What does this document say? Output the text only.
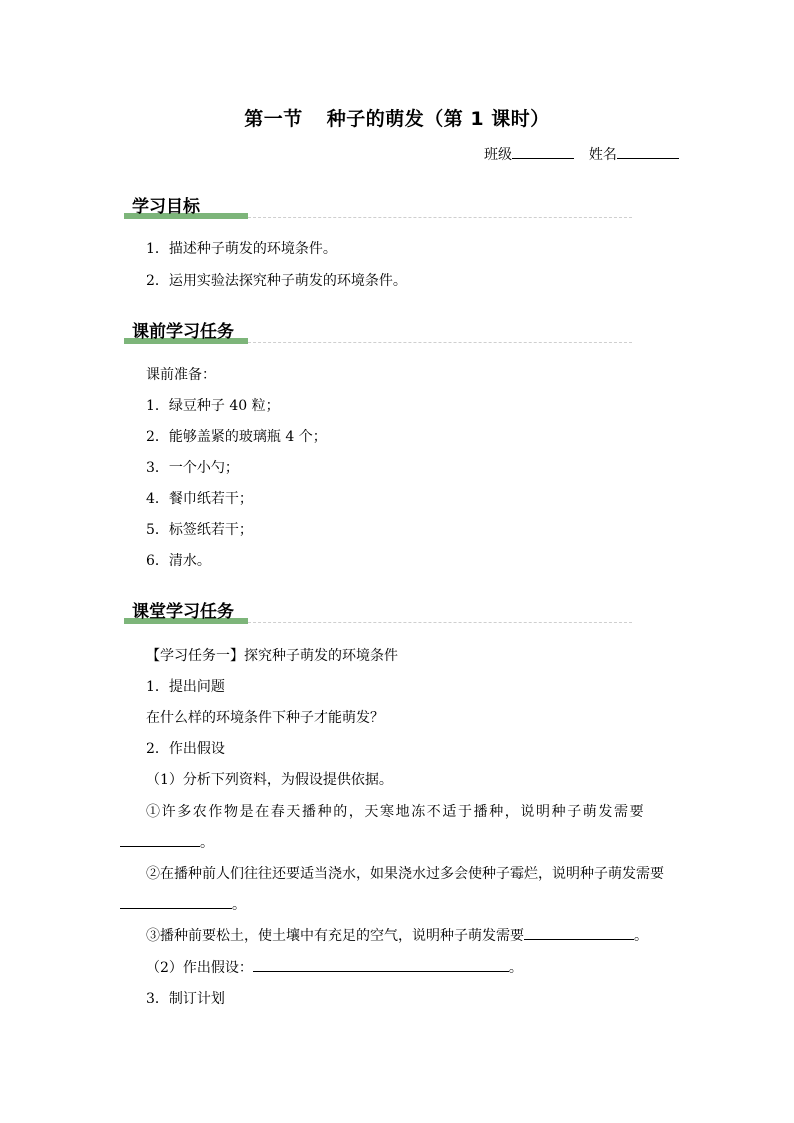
第一节 种子的萌发（第 1 课时）
班级	姓名
学习目标
1．描述种子萌发的环境条件。
2．运用实验法探究种子萌发的环境条件。
课前学习任务
课前准备：
1．绿豆种子 40 粒；
2．能够盖紧的玻璃瓶 4 个；
3．一个小勺；
4．餐巾纸若干；
5．标签纸若干；
6．清水。
课堂学习任务
【学习任务一】探究种子萌发的环境条件
1．提出问题
在什么样的环境条件下种子才能萌发？
2．作出假设
（1）分析下列资料，为假设提供依据。
①许多农作物是在春天播种的，天寒地冻不适于播种，说明种子萌发需要
。
②在播种前人们往往还要适当浇水，如果浇水过多会使种子霉烂，说明种子萌发需要
。
③播种前要松土，使土壤中有充足的空气，说明种子萌发需要	。
（2）作出假设：	。
3．制订计划
